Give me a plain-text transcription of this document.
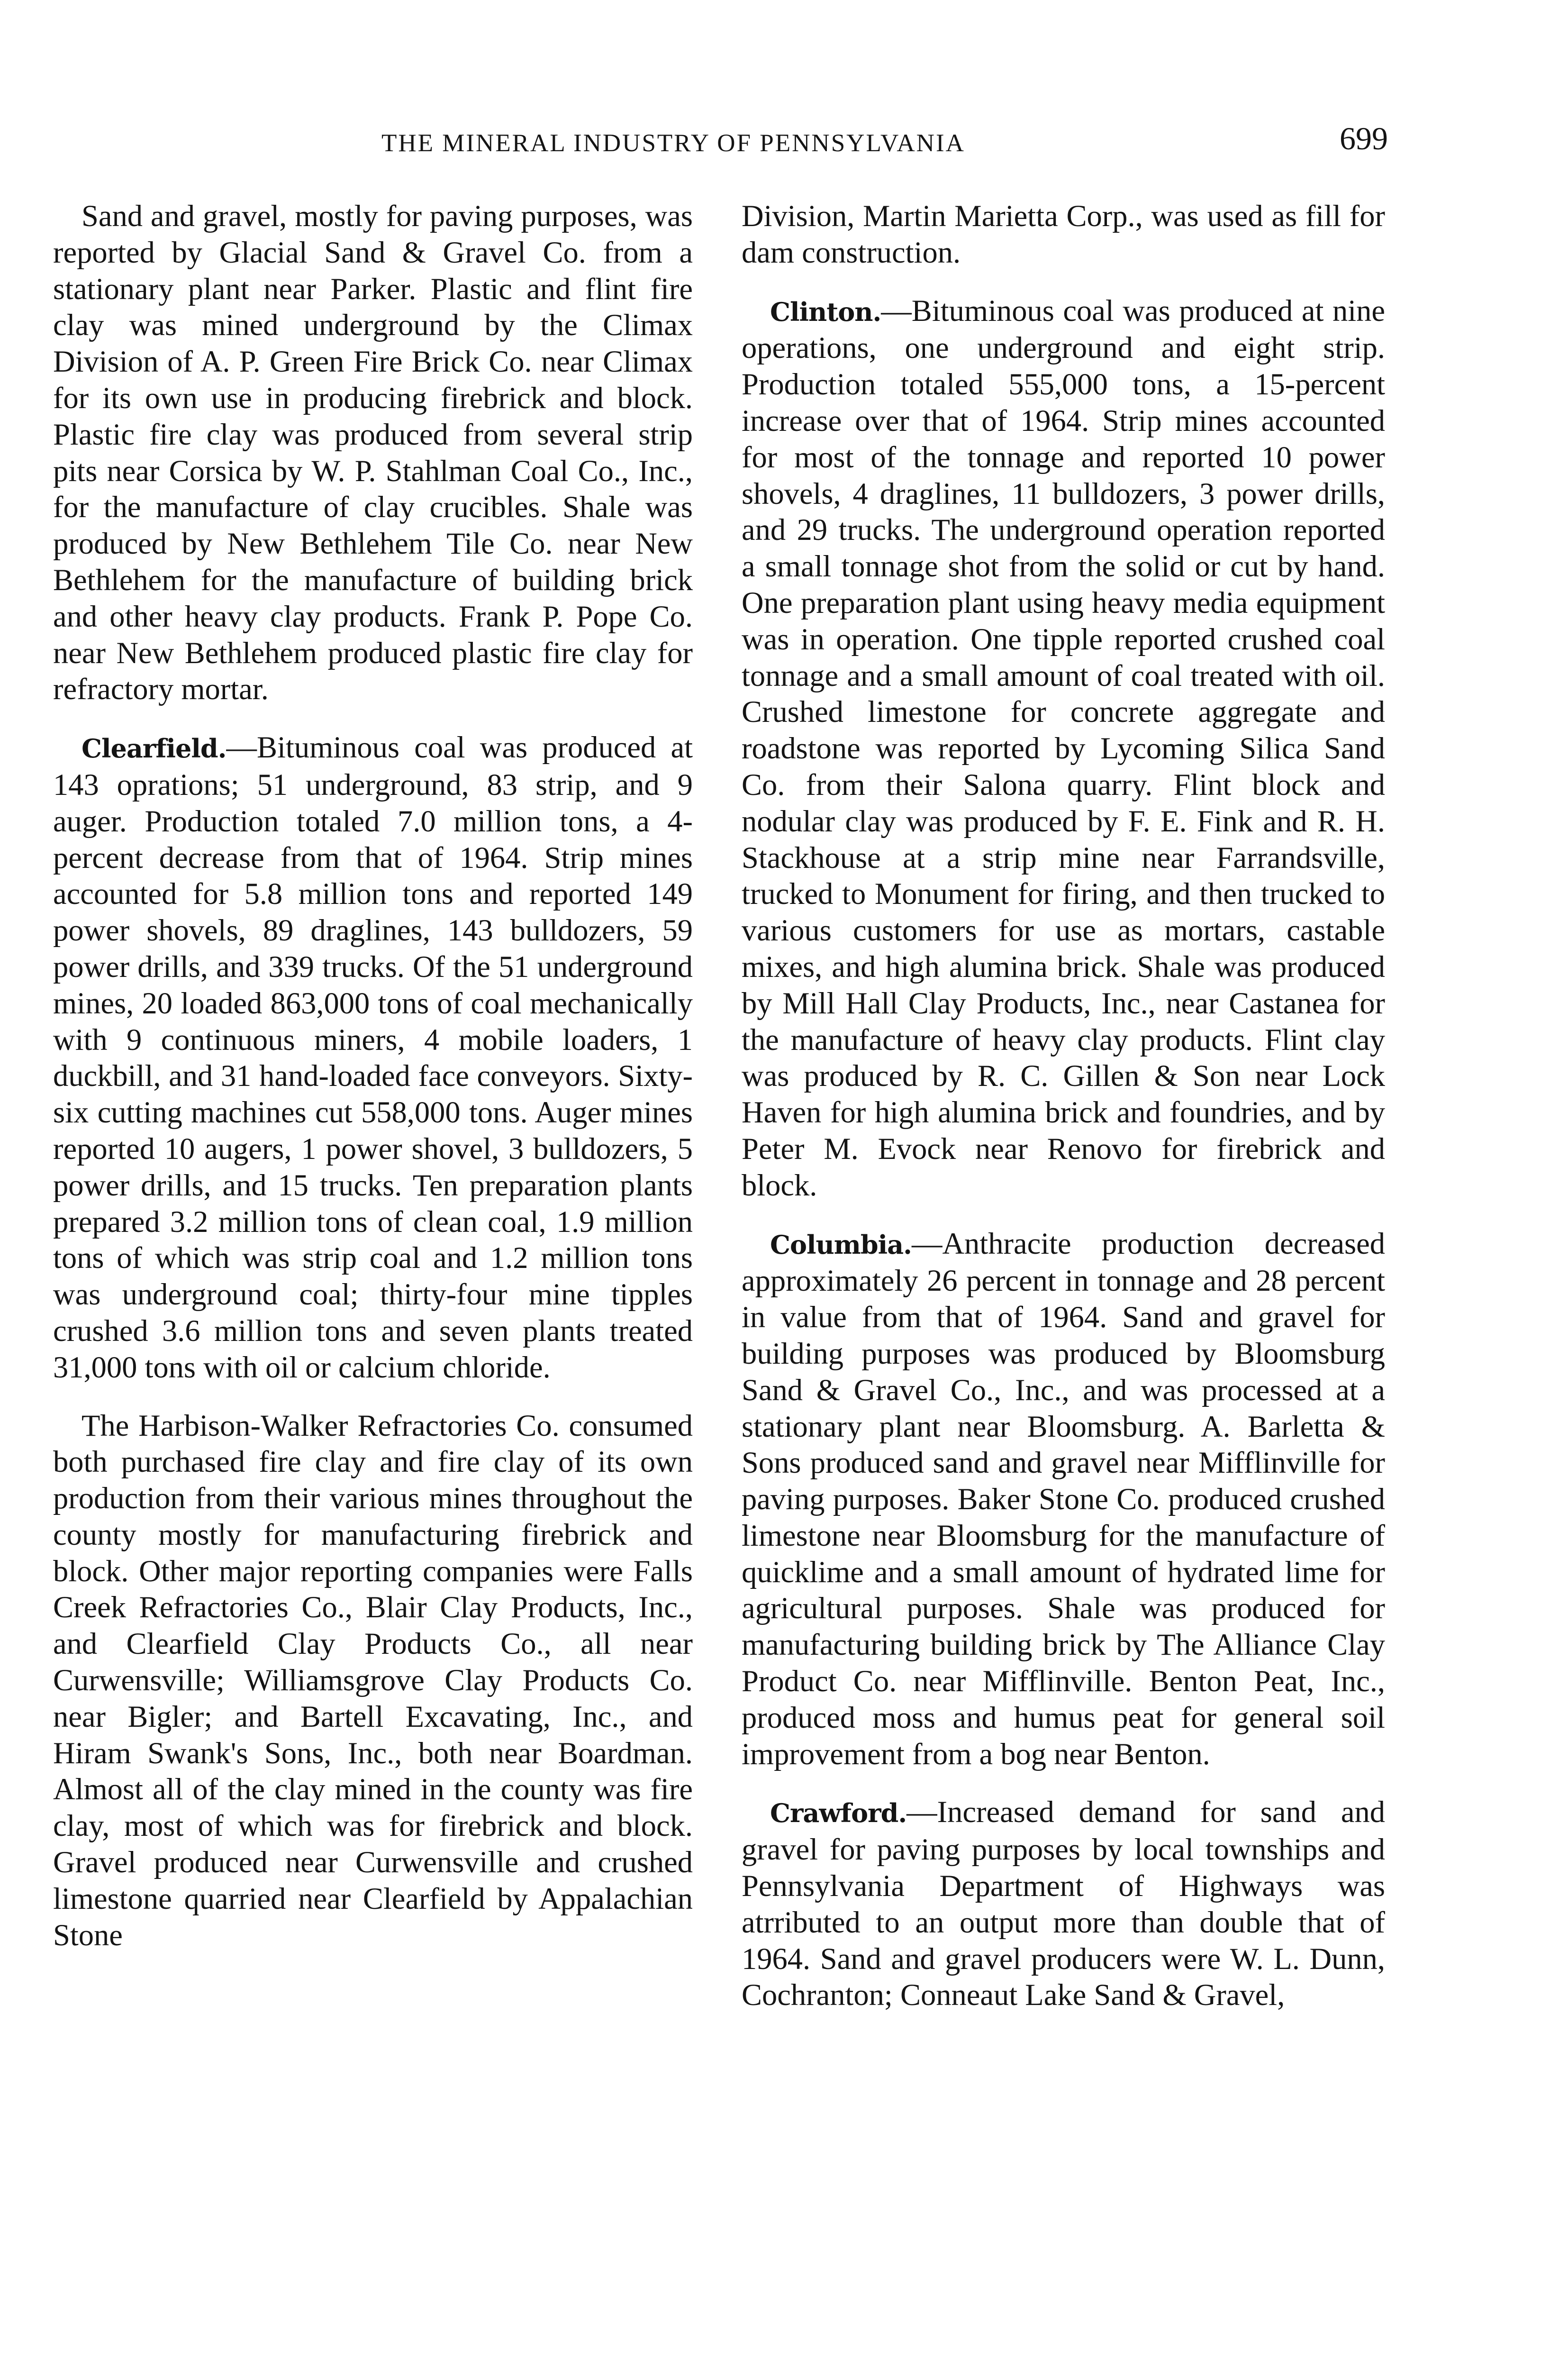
THE MINERAL INDUSTRY OF PENNSYLVANIA	699

Sand and gravel, mostly for paving purposes, was reported by Glacial Sand & Gravel Co. from a stationary plant near Parker. Plastic and flint fire clay was mined underground by the Climax Division of A. P. Green Fire Brick Co. near Climax for its own use in producing firebrick and block. Plastic fire clay was produced from several strip pits near Corsica by W. P. Stahlman Coal Co., Inc., for the manufacture of clay crucibles. Shale was produced by New Bethlehem Tile Co. near New Bethlehem for the manufacture of building brick and other heavy clay products. Frank P. Pope Co. near New Bethlehem produced plastic fire clay for refractory mortar.

Clearfield.—Bituminous coal was produced at 143 oprations; 51 underground, 83 strip, and 9 auger. Production totaled 7.0 million tons, a 4-percent decrease from that of 1964. Strip mines accounted for 5.8 million tons and reported 149 power shovels, 89 draglines, 143 bulldozers, 59 power drills, and 339 trucks. Of the 51 underground mines, 20 loaded 863,000 tons of coal mechanically with 9 continuous miners, 4 mobile loaders, 1 duckbill, and 31 hand-loaded face conveyors. Sixty-six cutting machines cut 558,000 tons. Auger mines reported 10 augers, 1 power shovel, 3 bulldozers, 5 power drills, and 15 trucks. Ten preparation plants prepared 3.2 million tons of clean coal, 1.9 million tons of which was strip coal and 1.2 million tons was underground coal; thirty-four mine tipples crushed 3.6 million tons and seven plants treated 31,000 tons with oil or calcium chloride.

The Harbison-Walker Refractories Co. consumed both purchased fire clay and fire clay of its own production from their various mines throughout the county mostly for manufacturing firebrick and block. Other major reporting companies were Falls Creek Refractories Co., Blair Clay Products, Inc., and Clearfield Clay Products Co., all near Curwensville; Williamsgrove Clay Products Co. near Bigler; and Bartell Excavating, Inc., and Hiram Swank's Sons, Inc., both near Boardman. Almost all of the clay mined in the county was fire clay, most of which was for firebrick and block. Gravel produced near Curwensville and crushed limestone quarried near Clearfield by Appalachian Stone

Division, Martin Marietta Corp., was used as fill for dam construction.

Clinton.—Bituminous coal was produced at nine operations, one underground and eight strip. Production totaled 555,000 tons, a 15-percent increase over that of 1964. Strip mines accounted for most of the tonnage and reported 10 power shovels, 4 draglines, 11 bulldozers, 3 power drills, and 29 trucks. The underground operation reported a small tonnage shot from the solid or cut by hand. One preparation plant using heavy media equipment was in operation. One tipple reported crushed coal tonnage and a small amount of coal treated with oil. Crushed limestone for concrete aggregate and roadstone was reported by Lycoming Silica Sand Co. from their Salona quarry. Flint block and nodular clay was produced by F. E. Fink and R. H. Stackhouse at a strip mine near Farrandsville, trucked to Monument for firing, and then trucked to various customers for use as mortars, castable mixes, and high alumina brick. Shale was produced by Mill Hall Clay Products, Inc., near Castanea for the manufacture of heavy clay products. Flint clay was produced by R. C. Gillen & Son near Lock Haven for high alumina brick and foundries, and by Peter M. Evock near Renovo for firebrick and block.

Columbia.—Anthracite production decreased approximately 26 percent in tonnage and 28 percent in value from that of 1964. Sand and gravel for building purposes was produced by Bloomsburg Sand & Gravel Co., Inc., and was processed at a stationary plant near Bloomsburg. A. Barletta & Sons produced sand and gravel near Mifflinville for paving purposes. Baker Stone Co. produced crushed limestone near Bloomsburg for the manufacture of quicklime and a small amount of hydrated lime for agricultural purposes. Shale was produced for manufacturing building brick by The Alliance Clay Product Co. near Mifflinville. Benton Peat, Inc., produced moss and humus peat for general soil improvement from a bog near Benton.

Crawford.—Increased demand for sand and gravel for paving purposes by local townships and Pennsylvania Department of Highways was atrributed to an output more than double that of 1964. Sand and gravel producers were W. L. Dunn, Cochranton; Conneaut Lake Sand & Gravel,
